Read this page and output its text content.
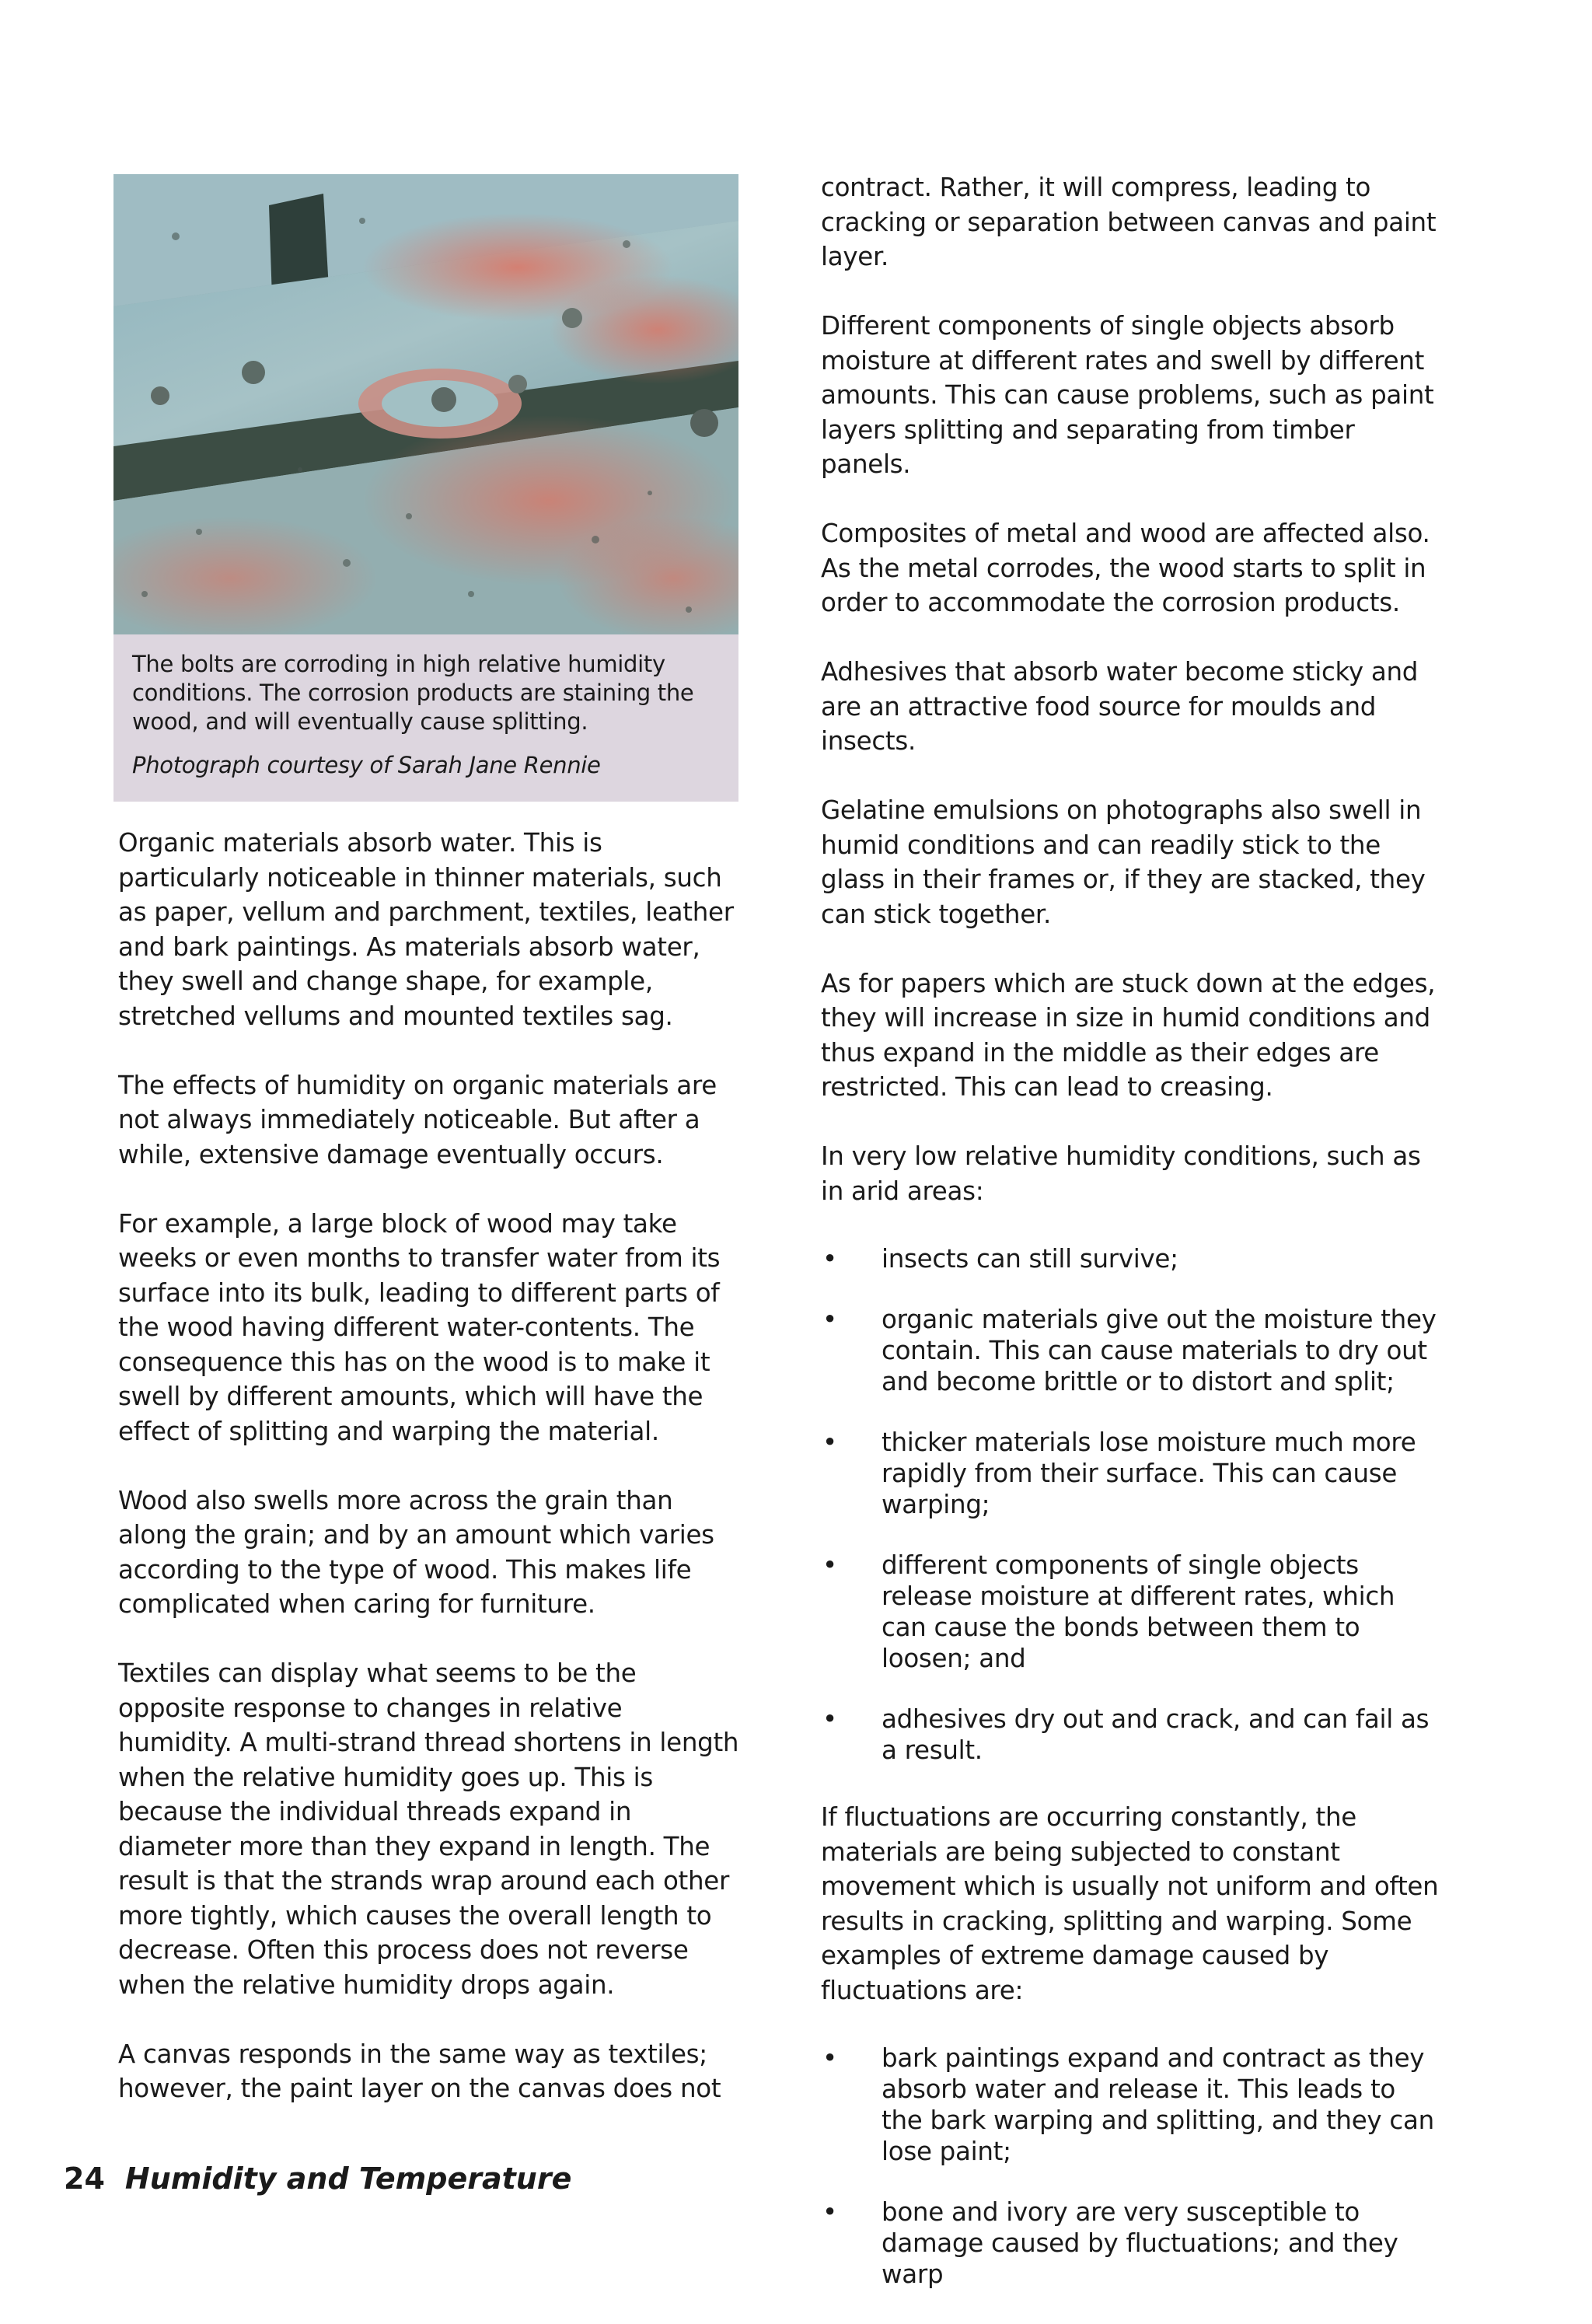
The bolts are corroding in high relative humidity conditions. The corrosion products are staining the wood, and will eventually cause splitting.
Photograph courtesy of Sarah Jane Rennie

Organic materials absorb water. This is particularly noticeable in thinner materials, such as paper, vellum and parchment, textiles, leather and bark paintings. As materials absorb water, they swell and change shape, for example, stretched vellums and mounted textiles sag.

The effects of humidity on organic materials are not always immediately noticeable. But after a while, extensive damage eventually occurs.

For example, a large block of wood may take weeks or even months to transfer water from its surface into its bulk, leading to different parts of the wood having different water-contents. The consequence this has on the wood is to make it swell by different amounts, which will have the effect of splitting and warping the material.

Wood also swells more across the grain than along the grain; and by an amount which varies according to the type of wood. This makes life complicated when caring for furniture.

Textiles can display what seems to be the opposite response to changes in relative humidity. A multi-strand thread shortens in length when the relative humidity goes up. This is because the individual threads expand in diameter more than they expand in length. The result is that the strands wrap around each other more tightly, which causes the overall length to decrease. Often this process does not reverse when the relative humidity drops again.

A canvas responds in the same way as textiles; however, the paint layer on the canvas does not

contract. Rather, it will compress, leading to cracking or separation between canvas and paint layer.

Different components of single objects absorb moisture at different rates and swell by different amounts. This can cause problems, such as paint layers splitting and separating from timber panels.

Composites of metal and wood are affected also. As the metal corrodes, the wood starts to split in order to accommodate the corrosion products.

Adhesives that absorb water become sticky and are an attractive food source for moulds and insects.

Gelatine emulsions on photographs also swell in humid conditions and can readily stick to the glass in their frames or, if they are stacked, they can stick together.

As for papers which are stuck down at the edges, they will increase in size in humid conditions and thus expand in the middle as their edges are restricted. This can lead to creasing.

In very low relative humidity conditions, such as in arid areas:

• insects can still survive;
• organic materials give out the moisture they contain. This can cause materials to dry out and become brittle or to distort and split;
• thicker materials lose moisture much more rapidly from their surface. This can cause warping;
• different components of single objects release moisture at different rates, which can cause the bonds between them to loosen; and
• adhesives dry out and crack, and can fail as a result.

If fluctuations are occurring constantly, the materials are being subjected to constant movement which is usually not uniform and often results in cracking, splitting and warping. Some examples of extreme damage caused by fluctuations are:

• bark paintings expand and contract as they absorb water and release it. This leads to the bark warping and splitting, and they can lose paint;
• bone and ivory are very susceptible to damage caused by fluctuations; and they warp
24 Humidity and Temperature
